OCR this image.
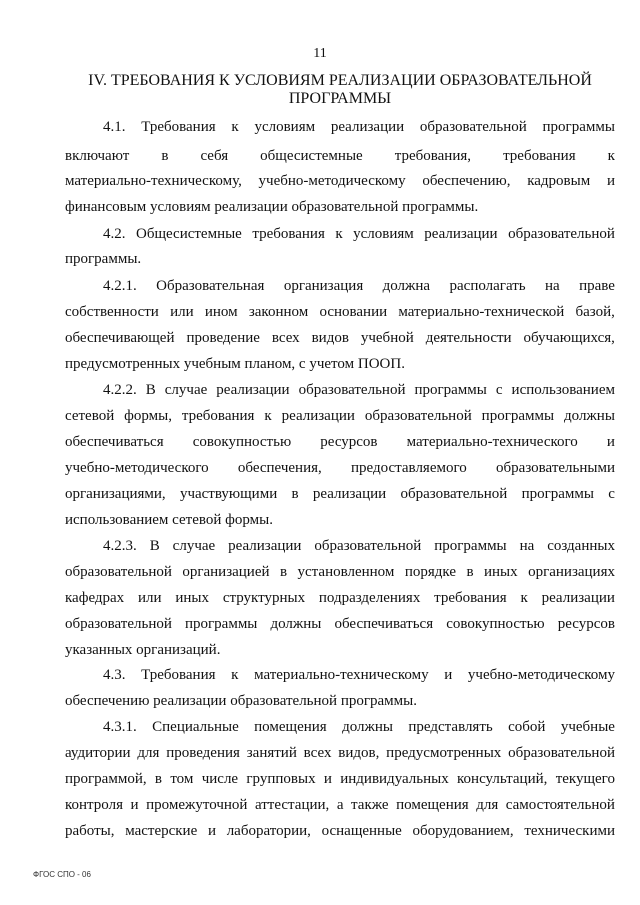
11
IV. ТРЕБОВАНИЯ К УСЛОВИЯМ РЕАЛИЗАЦИИ ОБРАЗОВАТЕЛЬНОЙ
ПРОГРАММЫ
4.1. Требования к условиям реализации образовательной программы
включают в себя общесистемные требования, требования к
материально-техническому, учебно-методическому обеспечению, кадровым и
финансовым условиям реализации образовательной программы.
4.2. Общесистемные требования к условиям реализации образовательной
программы.
4.2.1. Образовательная организация должна располагать на праве
собственности или ином законном основании материально-технической базой,
обеспечивающей проведение всех видов учебной деятельности обучающихся,
предусмотренных учебным планом, с учетом ПООП.
4.2.2. В случае реализации образовательной программы с использованием
сетевой формы, требования к реализации образовательной программы должны
обеспечиваться совокупностью ресурсов материально-технического и
учебно-методического обеспечения, предоставляемого образовательными
организациями, участвующими в реализации образовательной программы с
использованием сетевой формы.
4.2.3. В случае реализации образовательной программы на созданных
образовательной организацией в установленном порядке в иных организациях
кафедрах или иных структурных подразделениях требования к реализации
образовательной программы должны обеспечиваться совокупностью ресурсов
указанных организаций.
4.3. Требования к материально-техническому и учебно-методическому
обеспечению реализации образовательной программы.
4.3.1. Специальные помещения должны представлять собой учебные
аудитории для проведения занятий всех видов, предусмотренных образовательной
программой, в том числе групповых и индивидуальных консультаций, текущего
контроля и промежуточной аттестации, а также помещения для самостоятельной
работы, мастерские и лаборатории, оснащенные оборудованием, техническими
ФГОС СПО - 06
